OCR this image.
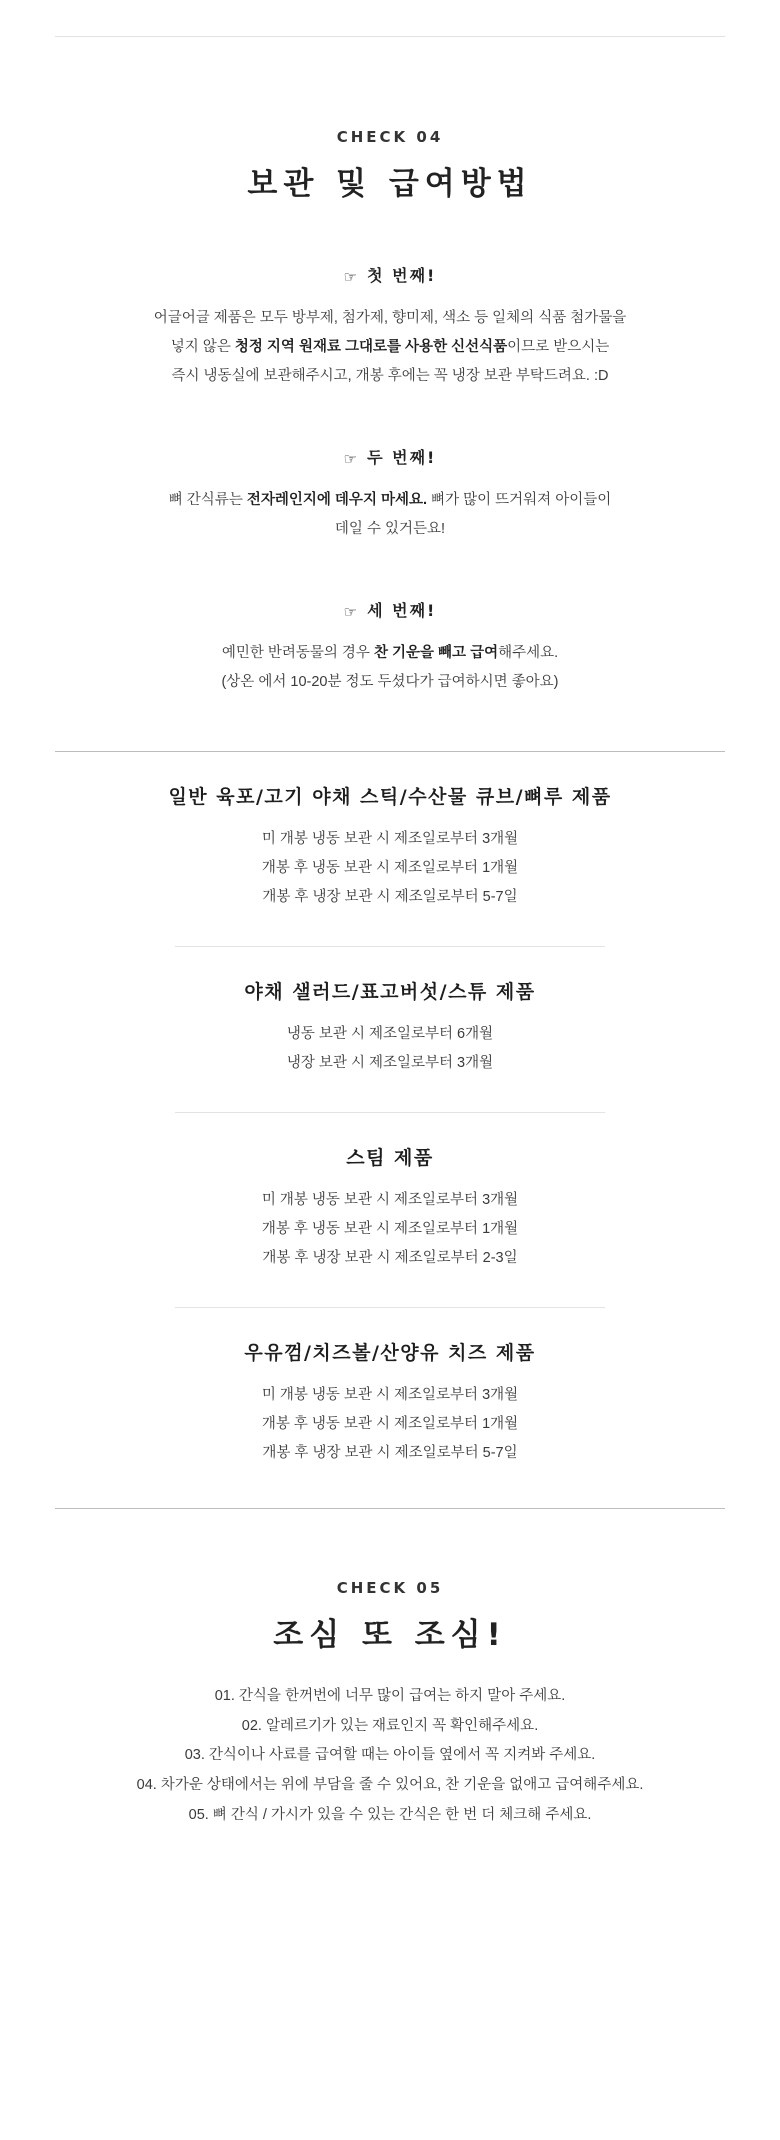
CHECK 04
보관 및 급여방법
☞ 첫 번째!
어글어글 제품은 모두 방부제, 첨가제, 향미제, 색소 등 일체의 식품 첨가물을
넣지 않은 청정 지역 원재료 그대로를 사용한 신선식품이므로 받으시는
즉시 냉동실에 보관해주시고, 개봉 후에는 꼭 냉장 보관 부탁드려요. :D
☞ 두 번째!
뼈 간식류는 전자레인지에 데우지 마세요. 뼈가 많이 뜨거워져 아이들이
데일 수 있거든요!
☞ 세 번째!
예민한 반려동물의 경우 찬 기운을 빼고 급여해주세요.
(상온 에서 10-20분 정도 두셨다가 급여하시면 좋아요)
일반 육포/고기 야채 스틱/수산물 큐브/뼈루 제품
미 개봉 냉동 보관 시 제조일로부터 3개월
개봉 후 냉동 보관 시 제조일로부터 1개월
개봉 후 냉장 보관 시 제조일로부터 5-7일
야채 샐러드/표고버섯/스튜 제품
냉동 보관 시 제조일로부터 6개월
냉장 보관 시 제조일로부터 3개월
스팀 제품
미 개봉 냉동 보관 시 제조일로부터 3개월
개봉 후 냉동 보관 시 제조일로부터 1개월
개봉 후 냉장 보관 시 제조일로부터 2-3일
우유껌/치즈볼/산양유 치즈 제품
미 개봉 냉동 보관 시 제조일로부터 3개월
개봉 후 냉동 보관 시 제조일로부터 1개월
개봉 후 냉장 보관 시 제조일로부터 5-7일
CHECK 05
조심 또 조심!
01. 간식을 한꺼번에 너무 많이 급여는 하지 말아 주세요.
02. 알레르기가 있는 재료인지 꼭 확인해주세요.
03. 간식이나 사료를 급여할 때는 아이들 옆에서 꼭 지켜봐 주세요.
04. 차가운 상태에서는 위에 부담을 줄 수 있어요, 찬 기운을 없애고 급여해주세요.
05. 뼈 간식 / 가시가 있을 수 있는 간식은 한 번 더 체크해 주세요.
